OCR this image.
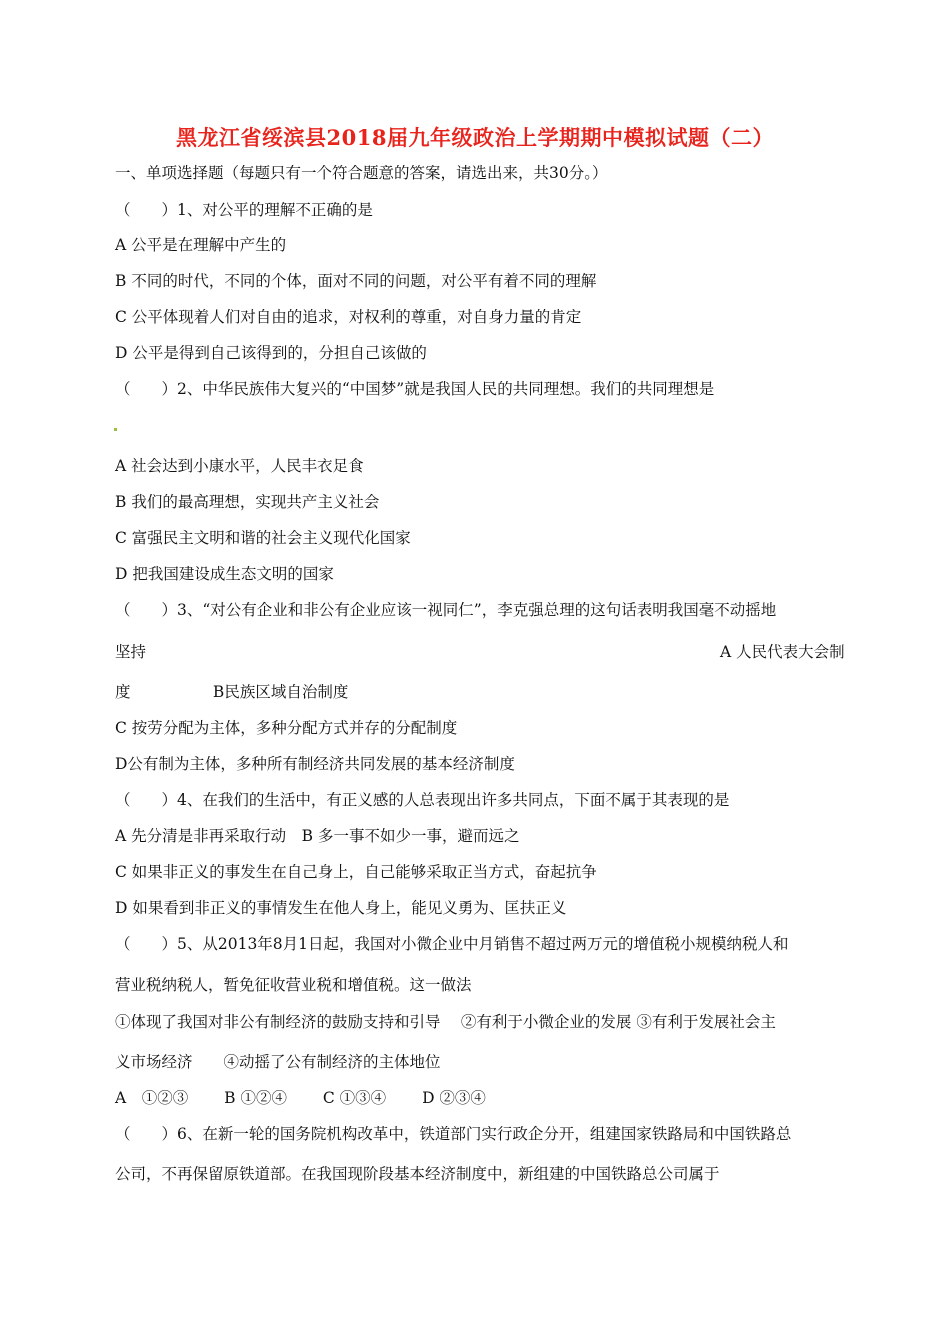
黑龙江省绥滨县2018届九年级政治上学期期中模拟试题（二）
一、单项选择题（每题只有一个符合题意的答案，请选出来，共30分。）
（　　）1、对公平的理解不正确的是
A 公平是在理解中产生的
B 不同的时代，不同的个体，面对不同的问题，对公平有着不同的理解
C 公平体现着人们对自由的追求，对权利的尊重，对自身力量的肯定
D 公平是得到自己该得到的，分担自己该做的
（　　）2、中华民族伟大复兴的“中国梦”就是我国人民的共同理想。我们的共同理想是
A 社会达到小康水平，人民丰衣足食
B 我们的最高理想，实现共产主义社会
C 富强民主文明和谐的社会主义现代化国家
D 把我国建设成生态文明的国家
（　　）3、“对公有企业和非公有企业应该一视同仁”，李克强总理的这句话表明我国毫不动摇地
坚持	A 人民代表大会制
度　　　　　 B民族区域自治制度
C 按劳分配为主体，多种分配方式并存的分配制度
D公有制为主体，多种所有制经济共同发展的基本经济制度
（　　）4、在我们的生活中，有正义感的人总表现出许多共同点，下面不属于其表现的是
A 先分清是非再采取行动　B 多一事不如少一事，避而远之
C 如果非正义的事发生在自己身上，自己能够采取正当方式，奋起抗争
D 如果看到非正义的事情发生在他人身上，能见义勇为、匡扶正义
（　　）5、从2013年8月1日起，我国对小微企业中月销售不超过两万元的增值税小规模纳税人和
营业税纳税人，暂免征收营业税和增值税。这一做法
①体现了我国对非公有制经济的鼓励支持和引导　 ②有利于小微企业的发展 ③有利于发展社会主
义市场经济　　④动摇了公有制经济的主体地位
A　①②③　　 B ①②④　　 C ①③④　　 D ②③④
（　　）6、在新一轮的国务院机构改革中，铁道部门实行政企分开，组建国家铁路局和中国铁路总
公司，不再保留原铁道部。在我国现阶段基本经济制度中，新组建的中国铁路总公司属于
